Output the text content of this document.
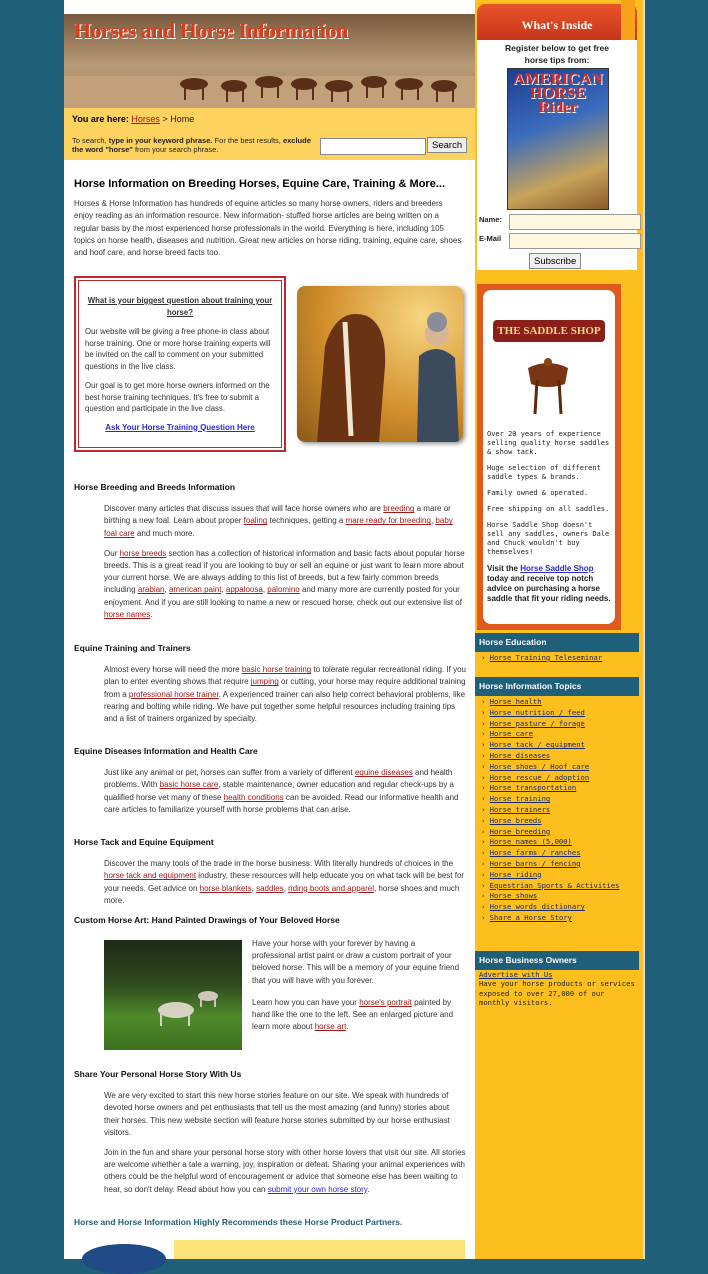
Horses and Horse Information
You are here: Horses > Home
To search, type in your keyword phrase. For the best results, exclude the word "horse" from your search phrase.	Search
Horse Information on Breeding Horses, Equine Care, Training & More...

Horses & Horse Information has hundreds of equine articles so many horse owners, riders and breeders enjoy reading as an information resource. New information- stuffed horse articles are being written on a regular basis by the most experienced horse professionals in the world. Everything is here, including 105 topics on horse health, diseases and nutrition. Great new articles on horse riding, training, equine care, shoes and hoof care, and horse breed facts too.

What is your biggest question about training your horse?

Our website will be giving a free phone-in class about horse training. One or more horse training experts will be invited on the call to comment on your submitted questions in the live class.

Our goal is to get more horse owners informed on the best horse training techniques. It's free to submit a question and participate in the live class.

Ask Your Horse Training Question Here
Horse Breeding and Breeds Information

Discover many articles that discuss issues that will face horse owners who are breeding a mare or birthing a new foal. Learn about proper foaling techniques, getting a mare ready for breeding, baby foal care and much more.

Our horse breeds section has a collection of historical information and basic facts about popular horse breeds. This is a great read if you are looking to buy or sell an equine or just want to learn more about your current horse. We are always adding to this list of breeds, but a few fairly common breeds including arabian, american paint, appaloosa, palomino and many more are currently posted for your enjoyment. And if you are still looking to name a new or rescued horse, check out our extensive list of horse names.

Equine Training and Trainers

Almost every horse will need the more basic horse training to tolerate regular recreational riding. If you plan to enter eventing shows that require jumping or cutting, your horse may require additional training from a professional horse trainer. A experienced trainer can also help correct behavioral problems, like rearing and bolting while riding. We have put together some helpful resources including training tips and a list of trainers organized by specialty.

Equine Diseases Information and Health Care

Just like any animal or pet, horses can suffer from a variety of different equine diseases and health problems. With basic horse care, stable maintenance, owner education and regular check-ups by a qualified horse vet many of these health conditions can be avoided. Read our informative health and care articles to familiarize yourself with horse problems that can arise.

Horse Tack and Equine Equipment

Discover the many tools of the trade in the horse business. With literally hundreds of choices in the horse tack and equipment industry, these resources will help educate you on what tack will be best for your needs. Get advice on horse blankets, saddles, riding boots and apparel, horse shoes and much more.

Custom Horse Art: Hand Painted Drawings of Your Beloved Horse

Have your horse with your forever by having a professional artist paint or draw a custom portrait of your beloved horse. This will be a memory of your equine friend that you will have with you forever.

Learn how you can have your horse's portrait painted by hand like the one to the left. See an enlarged picture and learn more about horse art.

Share Your Personal Horse Story With Us

We are very excited to start this new horse stories feature on our site. We speak with hundreds of devoted horse owners and pet enthusiasts that tell us the most amazing (and funny) stories about their horses. This new website section will feature horse stories submitted by our horse enthusiast visitors.

Join in the fun and share your personal horse story with other horse lovers that visit our site. All stories are welcome whether a tale a warning, joy, inspiration or defeat. Sharing your animal experiences with others could be the helpful word of encouragement or advice that someone else has been waiting to hear, so don't delay. Read about how you can submit your own horse story.

Horse and Horse Information Highly Recommends these Horse Product Partners.
What's Inside
Register below to get free horse tips from:
AMERICAN HORSE Rider
Name:
E-Mail
Subscribe
THE SADDLE SHOP

Over 20 years of experience selling quality horse saddles & show tack.

Huge selection of different saddle types & brands.

Family owned & operated.

Free shipping on all saddles.

Horse Saddle Shop doesn't sell any saddles, owners Dale and Chuck wouldn't buy themselves!

Visit the Horse Saddle Shop today and receive top notch advice on purchasing a horse saddle that fit your riding needs.

Horse Education
› Horse Training Teleseminar
Horse Information Topics
› Horse health
› Horse nutrition / feed
› Horse pasture / forage
› Horse care
› Horse tack / equipment
› Horse diseases
› Horse shoes / Hoof care
› Horse rescue / adoption
› Horse transportation
› Horse training
› Horse trainers
› Horse breeds
› Horse breeding
› Horse names (5,000)
› Horse farms / ranches
› Horse barns / fencing
› Horse riding
› Equestrian Sports & Activities
› Horse shows
› Horse words dictionary
› Share a Horse Story
Horse Business Owners
Advertise with Us
Have your horse products or services exposed to over 27,000 of our monthly visitors.
